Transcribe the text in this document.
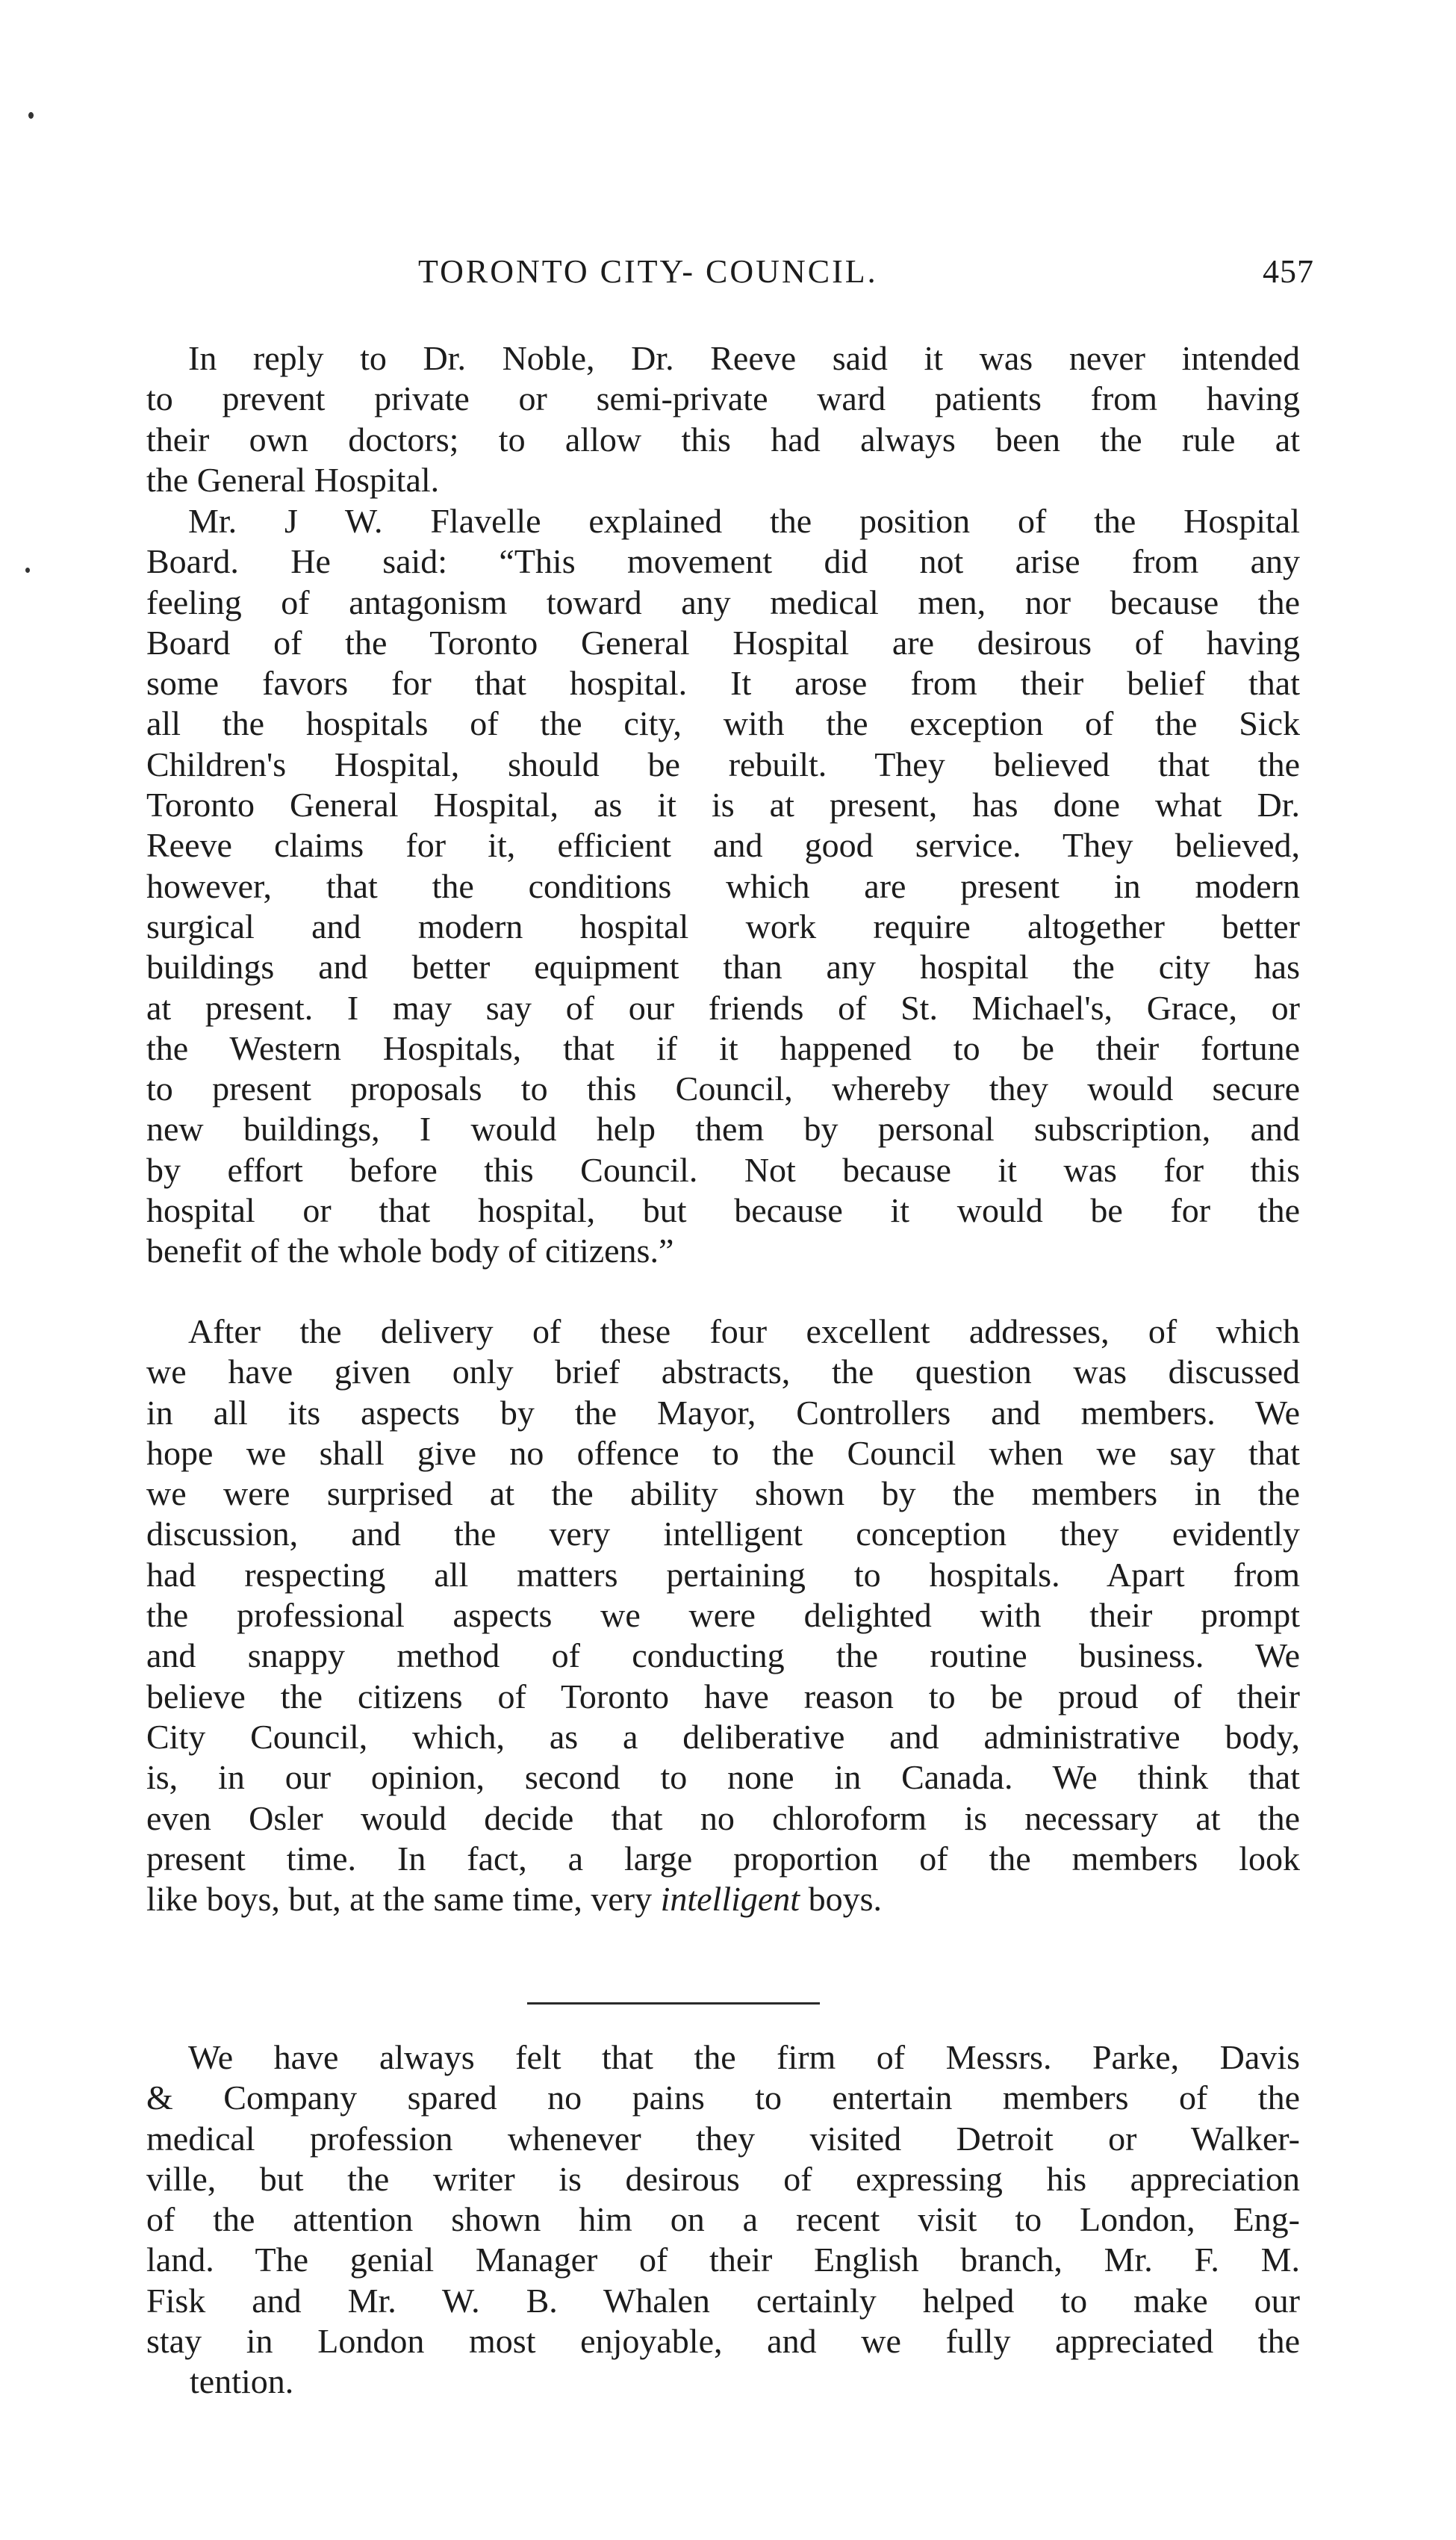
TORONTO CITY- COUNCIL.	457
In reply to Dr. Noble, Dr. Reeve said it was never intended
to prevent private or semi-private ward patients from having
their own doctors; to allow this had always been the rule at
the General Hospital.
Mr. J W. Flavelle explained the position of the Hospital
Board. He said: “This movement did not arise from any
feeling of antagonism toward any medical men, nor because the
Board of the Toronto General Hospital are desirous of having
some favors for that hospital. It arose from their belief that
all the hospitals of the city, with the exception of the Sick
Children's Hospital, should be rebuilt. They believed that the
Toronto General Hospital, as it is at present, has done what Dr.
Reeve claims for it, efficient and good service. They believed,
however, that the conditions which are present in modern
surgical and modern hospital work require altogether better
buildings and better equipment than any hospital the city has
at present. I may say of our friends of St. Michael's, Grace, or
the Western Hospitals, that if it happened to be their fortune
to present proposals to this Council, whereby they would secure
new buildings, I would help them by personal subscription, and
by effort before this Council. Not because it was for this
hospital or that hospital, but because it would be for the
benefit of the whole body of citizens.”
After the delivery of these four excellent addresses, of which
we have given only brief abstracts, the question was discussed
in all its aspects by the Mayor, Controllers and members. We
hope we shall give no offence to the Council when we say that
we were surprised at the ability shown by the members in the
discussion, and the very intelligent conception they evidently
had respecting all matters pertaining to hospitals. Apart from
the professional aspects we were delighted with their prompt
and snappy method of conducting the routine business. We
believe the citizens of Toronto have reason to be proud of their
City Council, which, as a deliberative and administrative body,
is, in our opinion, second to none in Canada. We think that
even Osler would decide that no chloroform is necessary at the
present time. In fact, a large proportion of the members look
like boys, but, at the same time, very intelligent boys.
We have always felt that the firm of Messrs. Parke, Davis
& Company spared no pains to entertain members of the
medical profession whenever they visited Detroit or Walker-
ville, but the writer is desirous of expressing his appreciation
of the attention shown him on a recent visit to London, Eng-
land. The genial Manager of their English branch, Mr. F. M.
Fisk and Mr. W. B. Whalen certainly helped to make our
stay in London most enjoyable, and we fully appreciated the
tention.
